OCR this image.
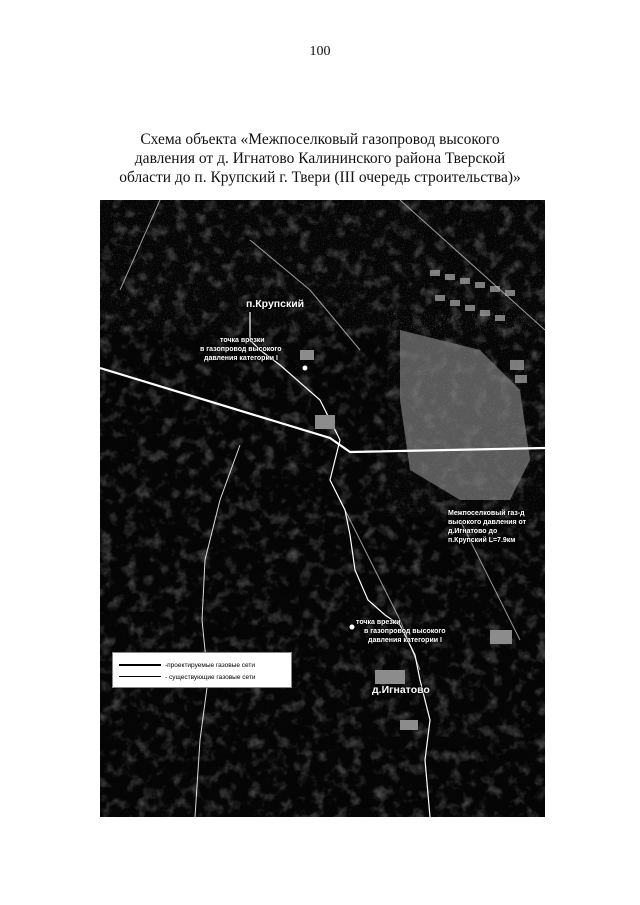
100
Схема объекта «Межпоселковый газопровод высокого
давления от д. Игнатово Калининского района Тверской
области до п. Крупский г. Твери (III очередь строительства)»
п.Крупский
точка врезки
в газопровод высокого
давления категории I
Межпоселковый газ-д
высокого давления от
д.Игнатово до
п.Крупский L=7.9км
точка врезки
в газопровод высокого
давления категории I
д.Игнатово
-проектируемые газовые сети
- существующие газовые сети
